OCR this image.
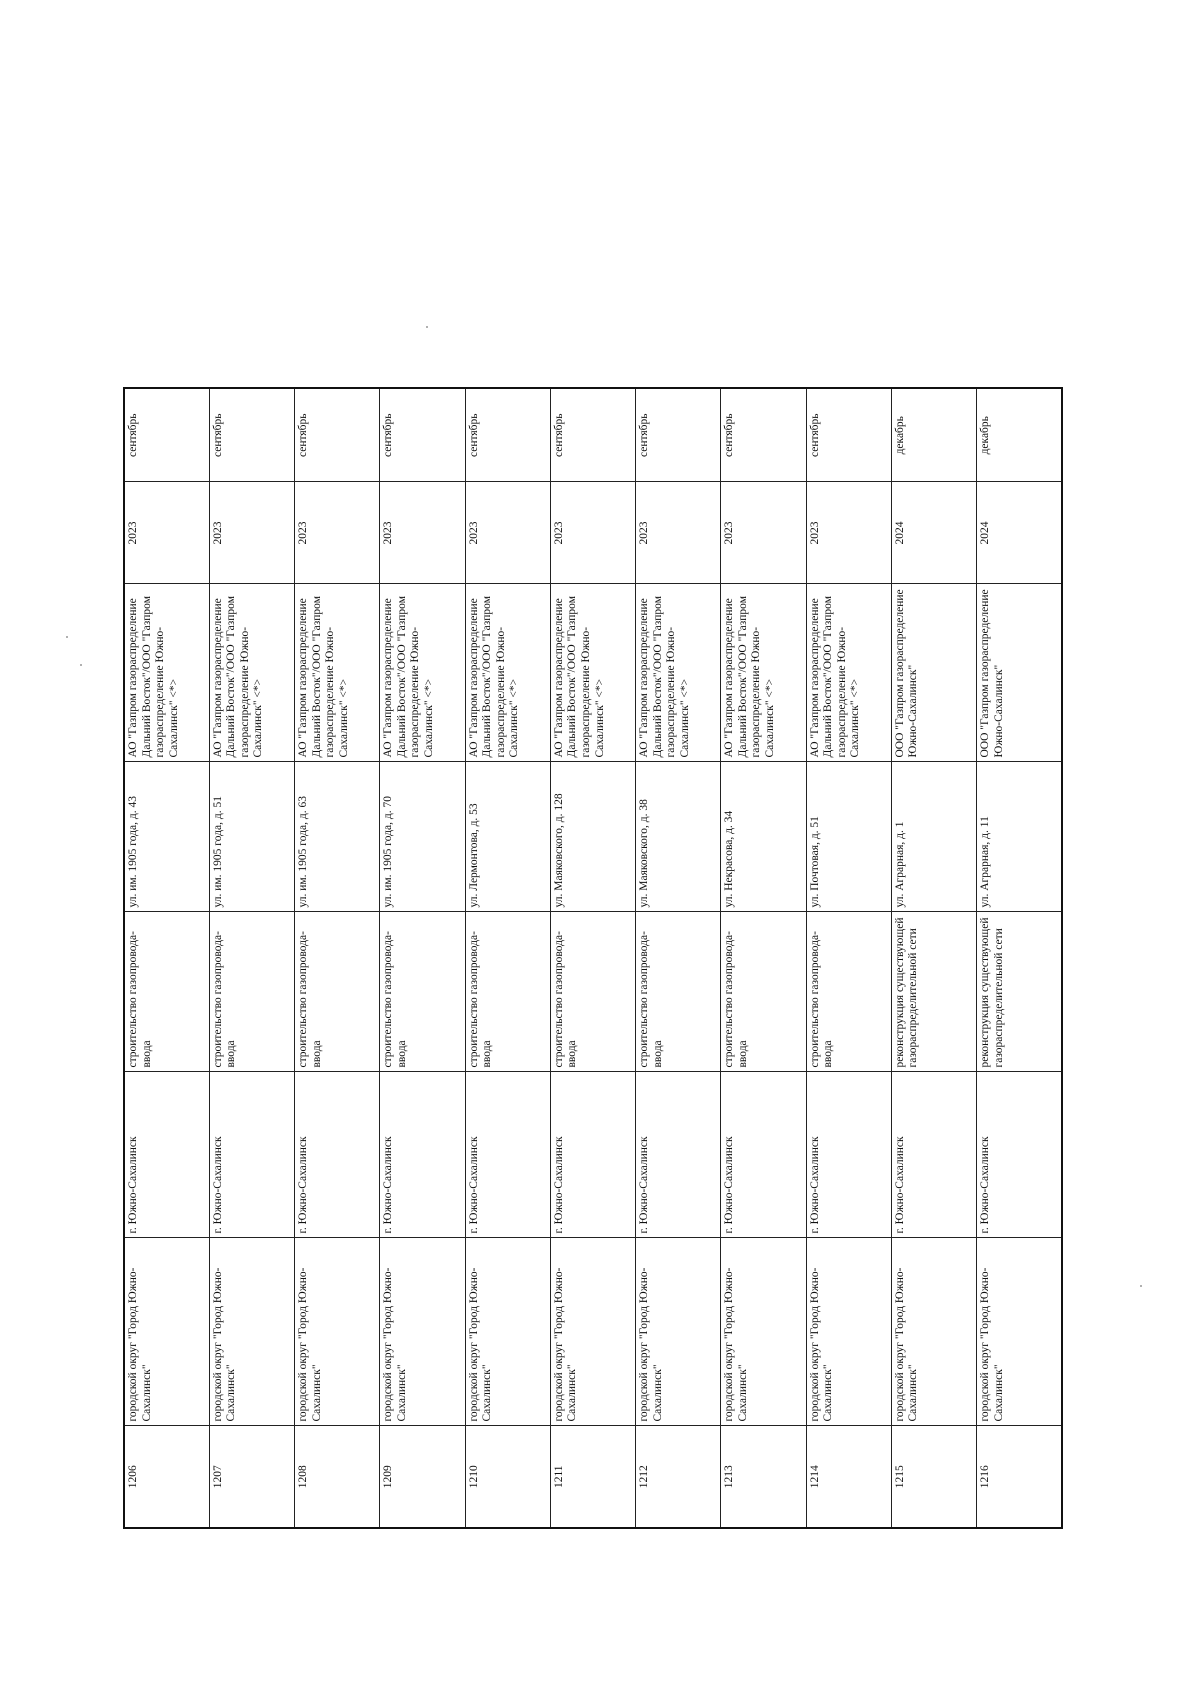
1206	городской округ "Город Южно-Сахалинск"	г. Южно-Сахалинск	строительство газопровода-ввода	ул. им. 1905 года, д. 43	АО "Газпром газораспределение Дальний Восток"/ООО "Газпром газораспределение Южно-Сахалинск" <*>	2023	сентябрь
1207	городской округ "Город Южно-Сахалинск"	г. Южно-Сахалинск	строительство газопровода-ввода	ул. им. 1905 года, д. 51	АО "Газпром газораспределение Дальний Восток"/ООО "Газпром газораспределение Южно-Сахалинск" <*>	2023	сентябрь
1208	городской округ "Город Южно-Сахалинск"	г. Южно-Сахалинск	строительство газопровода-ввода	ул. им. 1905 года, д. 63	АО "Газпром газораспределение Дальний Восток"/ООО "Газпром газораспределение Южно-Сахалинск" <*>	2023	сентябрь
1209	городской округ "Город Южно-Сахалинск"	г. Южно-Сахалинск	строительство газопровода-ввода	ул. им. 1905 года, д. 70	АО "Газпром газораспределение Дальний Восток"/ООО "Газпром газораспределение Южно-Сахалинск" <*>	2023	сентябрь
1210	городской округ "Город Южно-Сахалинск"	г. Южно-Сахалинск	строительство газопровода-ввода	ул. Лермонтова, д. 53	АО "Газпром газораспределение Дальний Восток"/ООО "Газпром газораспределение Южно-Сахалинск" <*>	2023	сентябрь
1211	городской округ "Город Южно-Сахалинск"	г. Южно-Сахалинск	строительство газопровода-ввода	ул. Маяковского, д. 128	АО "Газпром газораспределение Дальний Восток"/ООО "Газпром газораспределение Южно-Сахалинск" <*>	2023	сентябрь
1212	городской округ "Город Южно-Сахалинск"	г. Южно-Сахалинск	строительство газопровода-ввода	ул. Маяковского, д. 38	АО "Газпром газораспределение Дальний Восток"/ООО "Газпром газораспределение Южно-Сахалинск" <*>	2023	сентябрь
1213	городской округ "Город Южно-Сахалинск"	г. Южно-Сахалинск	строительство газопровода-ввода	ул. Некрасова, д. 34	АО "Газпром газораспределение Дальний Восток"/ООО "Газпром газораспределение Южно-Сахалинск" <*>	2023	сентябрь
1214	городской округ "Город Южно-Сахалинск"	г. Южно-Сахалинск	строительство газопровода-ввода	ул. Почтовая, д. 51	АО "Газпром газораспределение Дальний Восток"/ООО "Газпром газораспределение Южно-Сахалинск" <*>	2023	сентябрь
1215	городской округ "Город Южно-Сахалинск"	г. Южно-Сахалинск	реконструкция существующей газораспределительной сети	ул. Аграрная, д. 1	ООО "Газпром газораспределение Южно-Сахалинск"	2024	декабрь
1216	городской округ "Город Южно-Сахалинск"	г. Южно-Сахалинск	реконструкция существующей газораспределительной сети	ул. Аграрная, д. 11	ООО "Газпром газораспределение Южно-Сахалинск"	2024	декабрь
